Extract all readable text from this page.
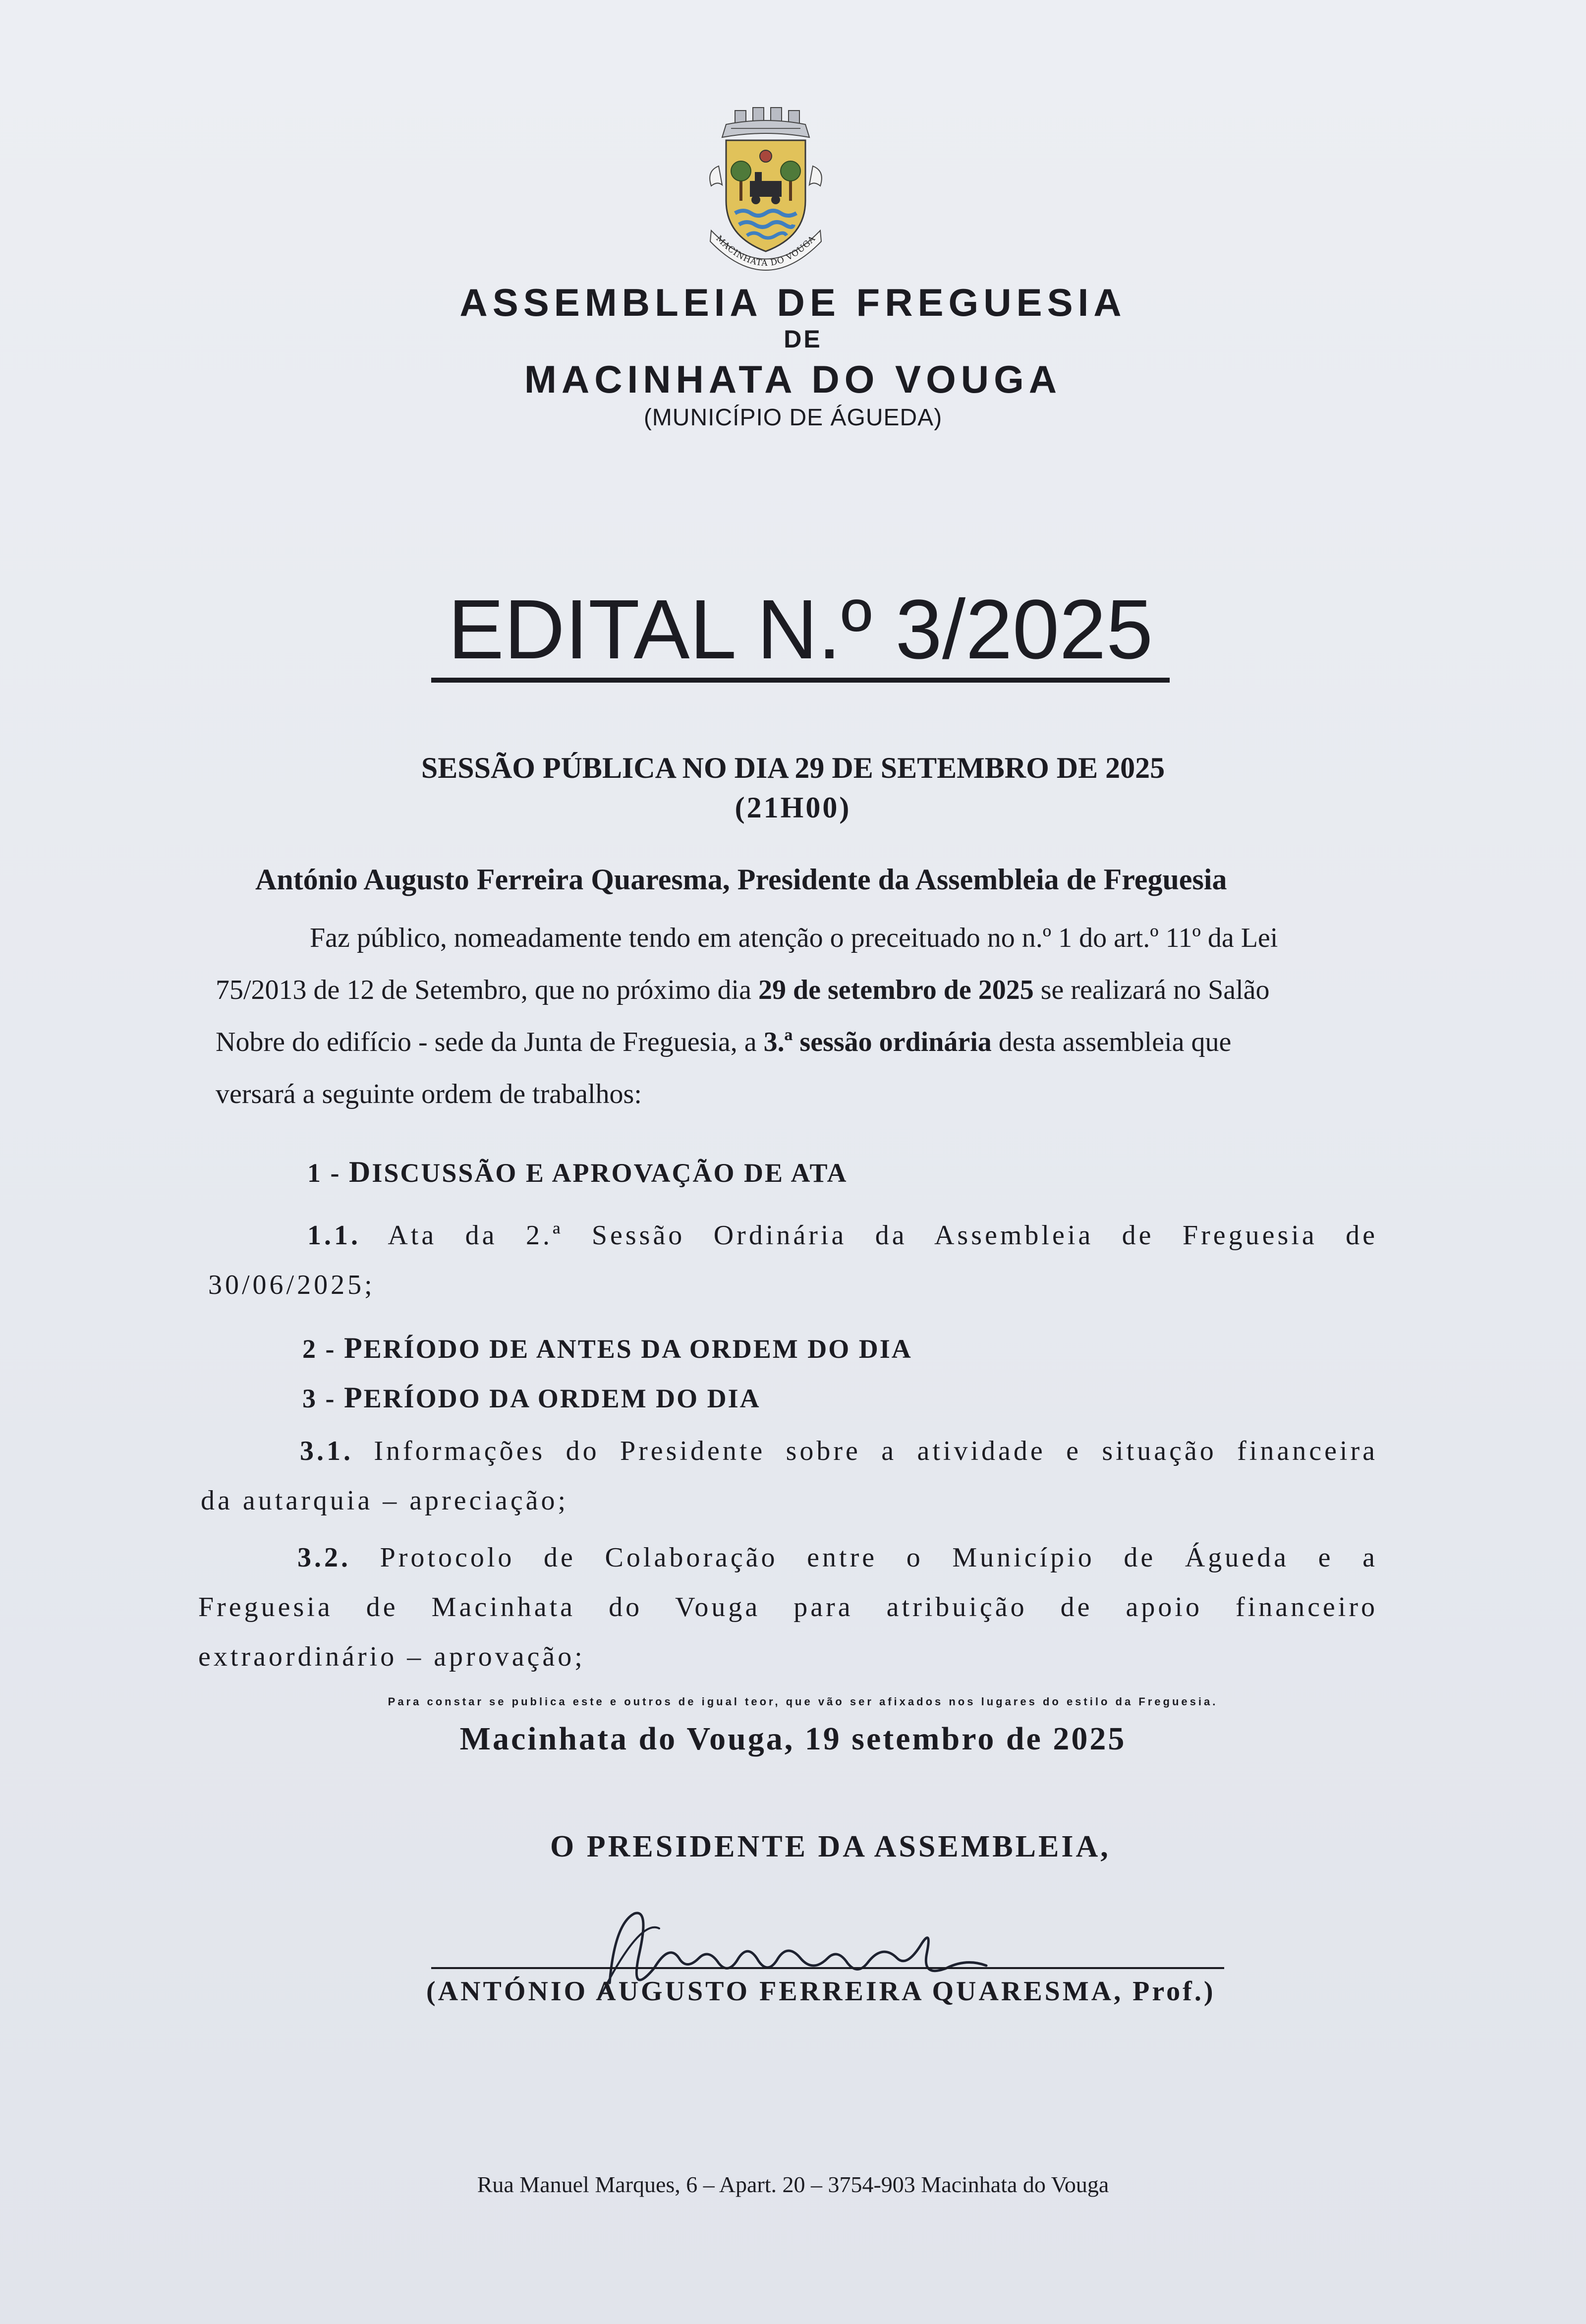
MACINHATA DO VOUGA
ASSEMBLEIA DE FREGUESIA
DE
MACINHATA DO VOUGA
(MUNICÍPIO DE ÁGUEDA)
EDITAL N.º 3/2025
SESSÃO PÚBLICA NO DIA 29 DE SETEMBRO DE 2025
(21H00)
António Augusto Ferreira Quaresma, Presidente da Assembleia de Freguesia
Faz público, nomeadamente tendo em atenção o preceituado no n.º 1 do art.º 11º da Lei
75/2013 de 12 de Setembro, que no próximo dia 29 de setembro de 2025 se realizará no Salão
Nobre do edifício - sede da Junta de Freguesia, a 3.ª sessão ordinária desta assembleia que
versará a seguinte ordem de trabalhos:
1 - DISCUSSÃO E APROVAÇÃO DE ATA
1.1. Ata da 2.ª Sessão Ordinária da Assembleia de Freguesia de
30/06/2025;
2 - PERÍODO DE ANTES DA ORDEM DO DIA
3 - PERÍODO DA ORDEM DO DIA
3.1. Informações do Presidente sobre a atividade e situação financeira
da autarquia – apreciação;
3.2. Protocolo de Colaboração entre o Município de Águeda e a
Freguesia de Macinhata do Vouga para atribuição de apoio financeiro
extraordinário – aprovação;
Para constar se publica este e outros de igual teor, que vão ser afixados nos lugares do estilo da Freguesia.
Macinhata do Vouga, 19 setembro de 2025
O PRESIDENTE DA ASSEMBLEIA,
(ANTÓNIO AUGUSTO FERREIRA QUARESMA, Prof.)
Rua Manuel Marques, 6 – Apart. 20 – 3754-903 Macinhata do Vouga
